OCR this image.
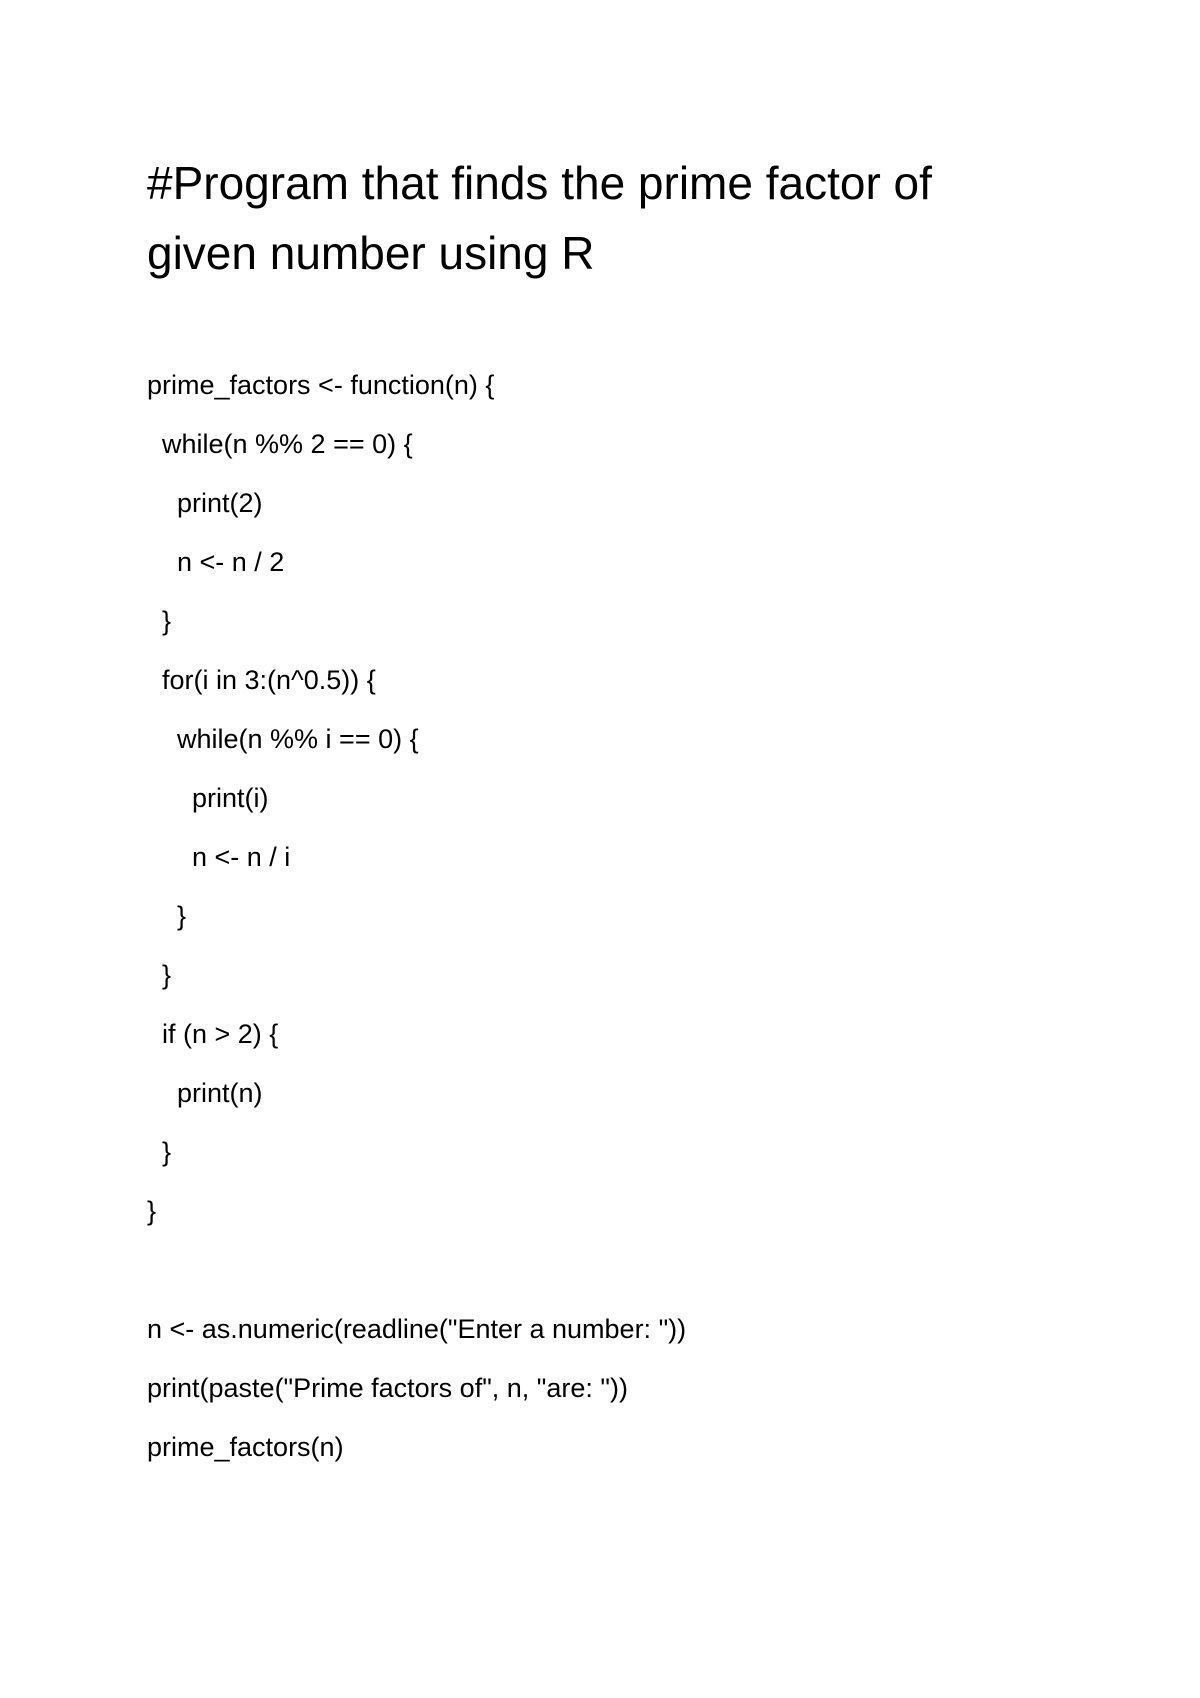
#Program that finds the prime factor of
given number using R
prime_factors <- function(n) {
while(n %% 2 == 0) {
print(2)
n <- n / 2
}
for(i in 3:(n^0.5)) {
while(n %% i == 0) {
print(i)
n <- n / i
}
}
if (n > 2) {
print(n)
}
}
n <- as.numeric(readline("Enter a number: "))
print(paste("Prime factors of", n, "are: "))
prime_factors(n)
